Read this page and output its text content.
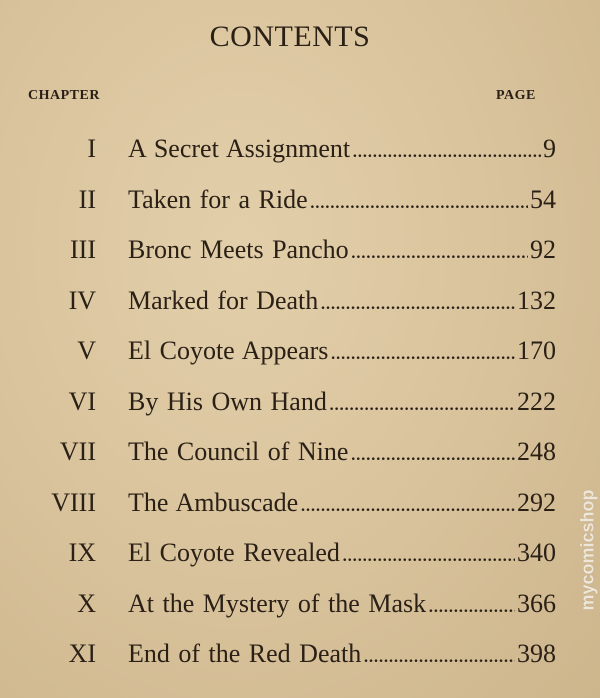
CONTENTS
CHAPTER	PAGE
I A Secret Assignment . . .	9
II Taken for a Ride . . .	54
III Bronc Meets Pancho . . .	92
IV Marked for Death . . .	132
V El Coyote Appears . . .	170
VI By His Own Hand . . .	222
VII The Council of Nine . . .	248
VIII The Ambuscade . . .	292
IX El Coyote Revealed . . .	340
X At the Mystery of the Mask . . .	366
XI End of the Red Death . . .	398
mycomicshop
